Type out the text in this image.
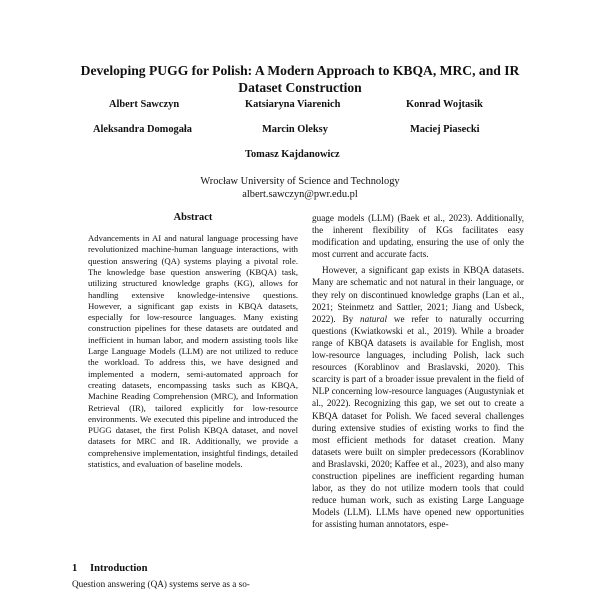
Developing PUGG for Polish: A Modern Approach to KBQA, MRC, and IR Dataset Construction
Albert Sawczyn	Katsiaryna Viarenich	Konrad Wojtasik
Aleksandra Domogała	Marcin Oleksy	Maciej Piasecki
Tomasz Kajdanowicz
Wrocław University of Science and Technology
albert.sawczyn@pwr.edu.pl
Abstract

Advancements in AI and natural language processing have revolutionized machine-human language interactions, with question answering (QA) systems playing a pivotal role. The knowledge base question answering (KBQA) task, utilizing structured knowledge graphs (KG), allows for handling extensive knowledge-intensive questions. However, a significant gap exists in KBQA datasets, especially for low-resource languages. Many existing construction pipelines for these datasets are outdated and inefficient in human labor, and modern assisting tools like Large Language Models (LLM) are not utilized to reduce the workload. To address this, we have designed and implemented a modern, semi-automated approach for creating datasets, encompassing tasks such as KBQA, Machine Reading Comprehension (MRC), and Information Retrieval (IR), tailored explicitly for low-resource environments. We executed this pipeline and introduced the PUGG dataset, the first Polish KBQA dataset, and novel datasets for MRC and IR. Additionally, we provide a comprehensive implementation, insightful findings, detailed statistics, and evaluation of baseline models.

1 Introduction
Question answering (QA) systems serve as a so-

guage models (LLM) (Baek et al., 2023). Additionally, the inherent flexibility of KGs facilitates easy modification and updating, ensuring the use of only the most current and accurate facts.

However, a significant gap exists in KBQA datasets. Many are schematic and not natural in their language, or they rely on discontinued knowledge graphs (Lan et al., 2021; Steinmetz and Sattler, 2021; Jiang and Usbeck, 2022). By natural we refer to naturally occurring questions (Kwiatkowski et al., 2019). While a broader range of KBQA datasets is available for English, most low-resource languages, including Polish, lack such resources (Korablinov and Braslavski, 2020). This scarcity is part of a broader issue prevalent in the field of NLP concerning low-resource languages (Augustyniak et al., 2022). Recognizing this gap, we set out to create a KBQA dataset for Polish. We faced several challenges during extensive studies of existing works to find the most efficient methods for dataset creation. Many datasets were built on simpler predecessors (Korablinov and Braslavski, 2020; Kaffee et al., 2023), and also many construction pipelines are inefficient regarding human labor, as they do not utilize modern tools that could reduce human work, such as existing Large Language Models (LLM). LLMs have opened new opportunities for assisting human annotators, espe-
